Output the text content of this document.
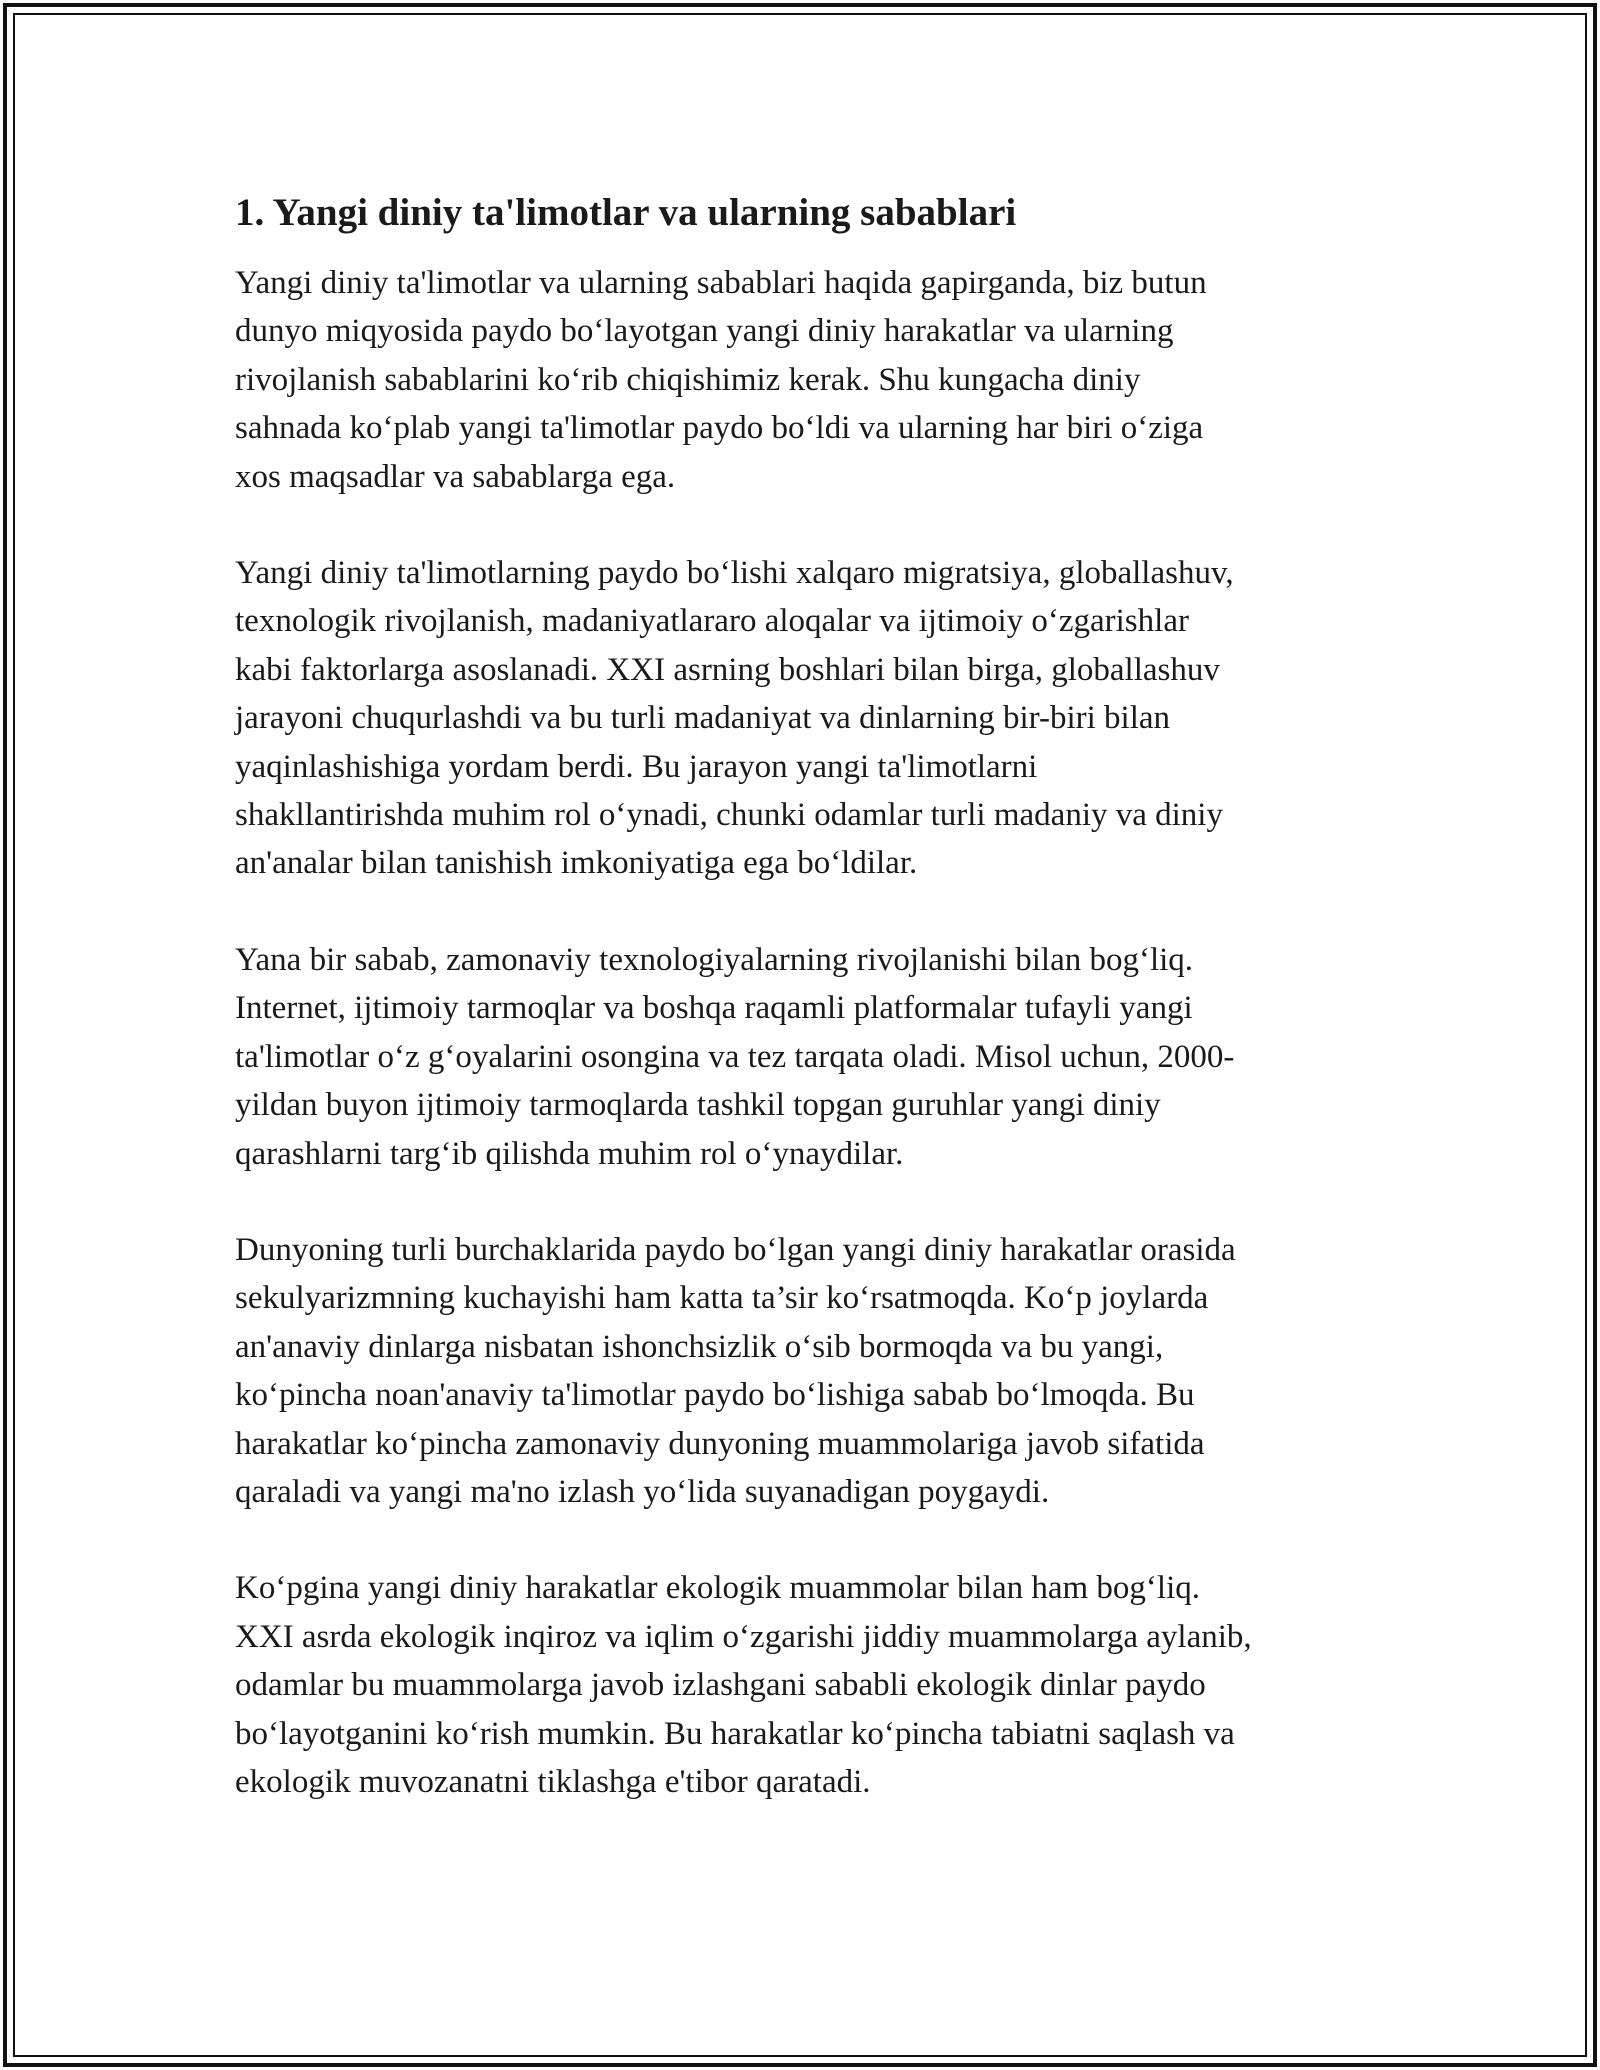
1. Yangi diniy ta'limotlar va ularning sabablari

Yangi diniy ta'limotlar va ularning sabablari haqida gapirganda, biz butun
dunyo miqyosida paydo bo‘layotgan yangi diniy harakatlar va ularning
rivojlanish sabablarini ko‘rib chiqishimiz kerak. Shu kungacha diniy
sahnada ko‘plab yangi ta'limotlar paydo bo‘ldi va ularning har biri o‘ziga
xos maqsadlar va sabablarga ega.

Yangi diniy ta'limotlarning paydo bo‘lishi xalqaro migratsiya, globallashuv,
texnologik rivojlanish, madaniyatlararo aloqalar va ijtimoiy o‘zgarishlar
kabi faktorlarga asoslanadi. XXI asrning boshlari bilan birga, globallashuv
jarayoni chuqurlashdi va bu turli madaniyat va dinlarning bir-biri bilan
yaqinlashishiga yordam berdi. Bu jarayon yangi ta'limotlarni
shakllantirishda muhim rol o‘ynadi, chunki odamlar turli madaniy va diniy
an'analar bilan tanishish imkoniyatiga ega bo‘ldilar.

Yana bir sabab, zamonaviy texnologiyalarning rivojlanishi bilan bog‘liq.
Internet, ijtimoiy tarmoqlar va boshqa raqamli platformalar tufayli yangi
ta'limotlar o‘z g‘oyalarini osongina va tez tarqata oladi. Misol uchun, 2000-
yildan buyon ijtimoiy tarmoqlarda tashkil topgan guruhlar yangi diniy
qarashlarni targ‘ib qilishda muhim rol o‘ynaydilar.

Dunyoning turli burchaklarida paydo bo‘lgan yangi diniy harakatlar orasida
sekulyarizmning kuchayishi ham katta ta’sir ko‘rsatmoqda. Ko‘p joylarda
an'anaviy dinlarga nisbatan ishonchsizlik o‘sib bormoqda va bu yangi,
ko‘pincha noan'anaviy ta'limotlar paydo bo‘lishiga sabab bo‘lmoqda. Bu
harakatlar ko‘pincha zamonaviy dunyoning muammolariga javob sifatida
qaraladi va yangi ma'no izlash yo‘lida suyanadigan poygaydi.

Ko‘pgina yangi diniy harakatlar ekologik muammolar bilan ham bog‘liq.
XXI asrda ekologik inqiroz va iqlim o‘zgarishi jiddiy muammolarga aylanib,
odamlar bu muammolarga javob izlashgani sababli ekologik dinlar paydo
bo‘layotganini ko‘rish mumkin. Bu harakatlar ko‘pincha tabiatni saqlash va
ekologik muvozanatni tiklashga e'tibor qaratadi.
